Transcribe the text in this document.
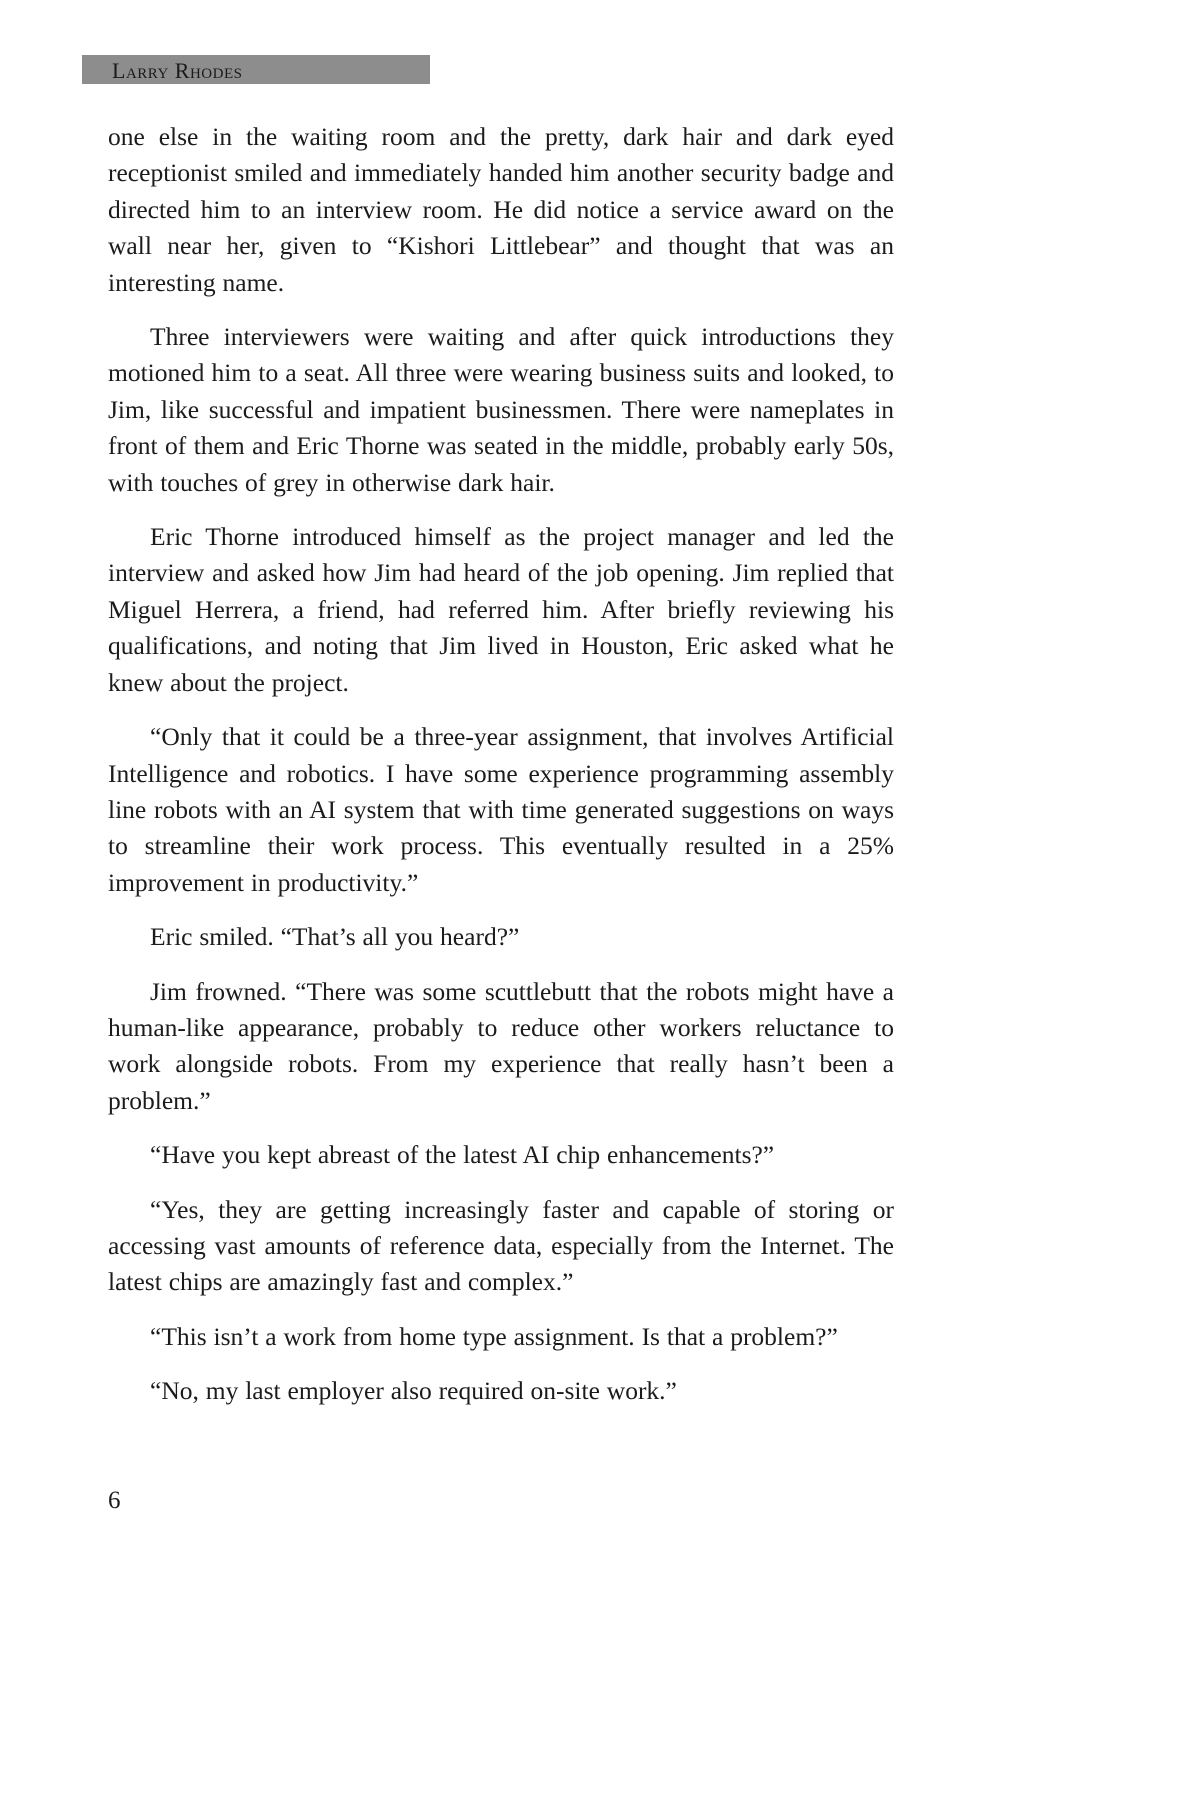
Larry Rhodes

one else in the waiting room and the pretty, dark hair and dark eyed receptionist smiled and immediately handed him another security badge and directed him to an interview room. He did notice a service award on the wall near her, given to “Kishori Littlebear” and thought that was an interesting name.

Three interviewers were waiting and after quick introductions they motioned him to a seat. All three were wearing business suits and looked, to Jim, like successful and impatient businessmen. There were nameplates in front of them and Eric Thorne was seated in the middle, probably early 50s, with touches of grey in otherwise dark hair.

Eric Thorne introduced himself as the project manager and led the interview and asked how Jim had heard of the job opening. Jim replied that Miguel Herrera, a friend, had referred him. After briefly reviewing his qualifications, and noting that Jim lived in Houston, Eric asked what he knew about the project.

“Only that it could be a three-year assignment, that involves Artificial Intelligence and robotics. I have some experience programming assembly line robots with an AI system that with time generated suggestions on ways to streamline their work process. This eventually resulted in a 25% improvement in productivity.”

Eric smiled. “That’s all you heard?”

Jim frowned. “There was some scuttlebutt that the robots might have a human-like appearance, probably to reduce other workers reluctance to work alongside robots. From my experience that really hasn’t been a problem.”

“Have you kept abreast of the latest AI chip enhancements?”

“Yes, they are getting increasingly faster and capable of storing or accessing vast amounts of reference data, especially from the Internet. The latest chips are amazingly fast and complex.”

“This isn’t a work from home type assignment. Is that a problem?”

“No, my last employer also required on-site work.”

6
